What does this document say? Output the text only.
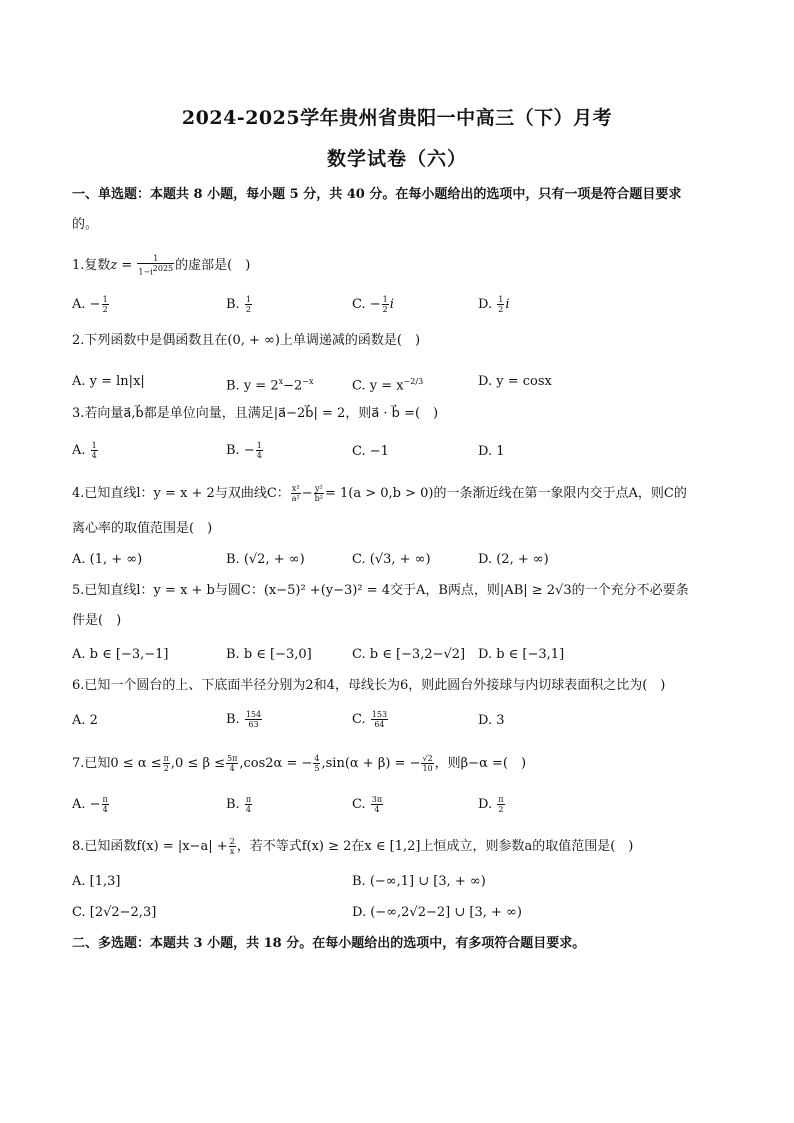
2024-2025学年贵州省贵阳一中高三（下）月考
数学试卷（六）
一、单选题：本题共 8 小题，每小题 5 分，共 40 分。在每小题给出的选项中，只有一项是符合题目要求
的。
1.复数$z = \frac{1}{1-i^{2025}}$ 的虚部是(　)
A. − $\frac{1}{2}$	B. $\frac{1}{2}$	C. − $\frac{1}{2}$ i	D. $\frac{1}{2}$ i
2.下列函数中是偶函数且在(0, + ∞)上单调递减的函数是(　)
A. y = ln|x|	B. $y = 2^x-2^{-x}$	C. $y = x^{-2/3}$	D. y = cosx
3.若向量a⃗,b⃗都是单位向量，且满足|a⃗−2b⃗| = 2，则a⃗ · b⃗ =(　)
A. $\frac{1}{4}$	B. − $\frac{1}{4}$	C. −1	D. 1
4.已知直线l：y = x + 2与双曲线C： $\frac{\text{x²}}{\text{a²}} - \frac{\text{y²}}{\text{b²}} = 1(a > 0,b > 0)$的一条渐近线在第一象限内交于点A，则C的
离心率的取值范围是(　)
A. (1, + ∞)	B. (√2, + ∞)	C. (√3, + ∞)	D. (2, + ∞)
5.已知直线l：y = x + b与圆C：(x−5)² +(y−3)² = 4交于A，B两点，则|AB| ≥ 2√3的一个充分不必要条
件是(　)
A. b ∈ [−3,−1]	B. b ∈ [−3,0]	C. b ∈ [−3,2−√2] D. b ∈ [−3,1]
6.已知一个圆台的上、下底面半径分别为2和4，母线长为6，则此圆台外接球与内切球表面积之比为(　)
A. 2	B. $\frac{154}{63}$	C. $\frac{153}{64}$	D. 3
7.已知$0 \le \alpha \le \frac{\pi}{2} ,0 \le \beta \le \frac{5\pi}{4} ,\cos 2\alpha$ = − $\frac{4}{5} ,\sin(\alpha + \beta)$ = − $\frac{√2}{10}$ ，则β−α =(　)
A. − $\frac{\pi}{4}$	B. $\frac{\pi}{4}$	C. $\frac{3\pi}{4}$	D. $\frac{\pi}{2}$
8.已知函数$f(x) = |x-a| + \frac{2}{x}$ ，若不等式f(x) ≥ 2在x ∈ [1,2]上恒成立，则参数a的取值范围是(　)
A. [1,3]	B. (−∞,1] ∪ [3, + ∞)
C. [2√2−2,3]	D. (−∞,2√2−2] ∪ [3, + ∞)
二、多选题：本题共 3 小题，共 18 分。在每小题给出的选项中，有多项符合题目要求。
